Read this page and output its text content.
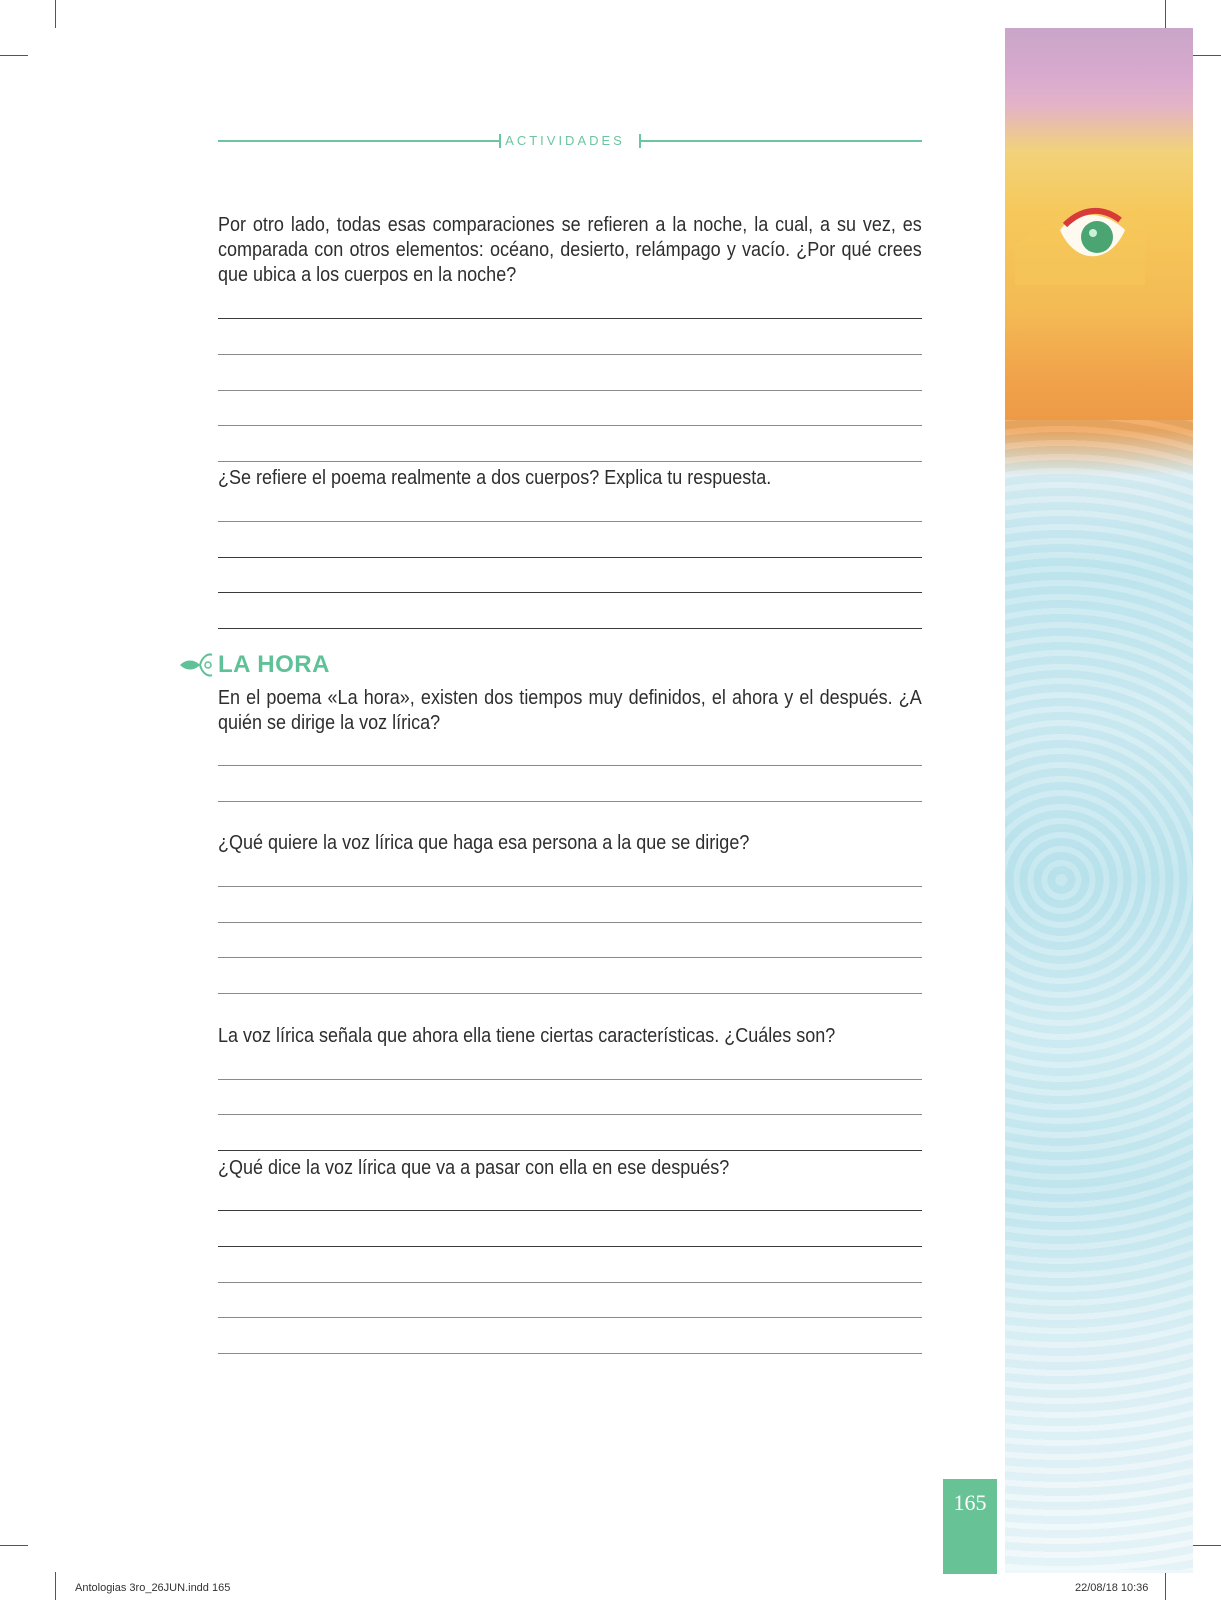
ACTIVIDADES
Por otro lado, todas esas comparaciones se refieren a la noche, la cual, a su vez, es comparada con otros elementos: océano, desierto, relámpago y vacío. ¿Por qué crees que ubica a los cuerpos en la noche?
¿Se refiere el poema realmente a dos cuerpos? Explica tu respuesta.
LA HORA
En el poema «La hora», existen dos tiempos muy definidos, el ahora y el después. ¿A quién se dirige la voz lírica?
¿Qué quiere la voz lírica que haga esa persona a la que se dirige?
La voz lírica señala que ahora ella tiene ciertas características. ¿Cuáles son?
¿Qué dice la voz lírica que va a pasar con ella en ese después?
165
Antologias 3ro_26JUN.indd 165	22/08/18 10:36
